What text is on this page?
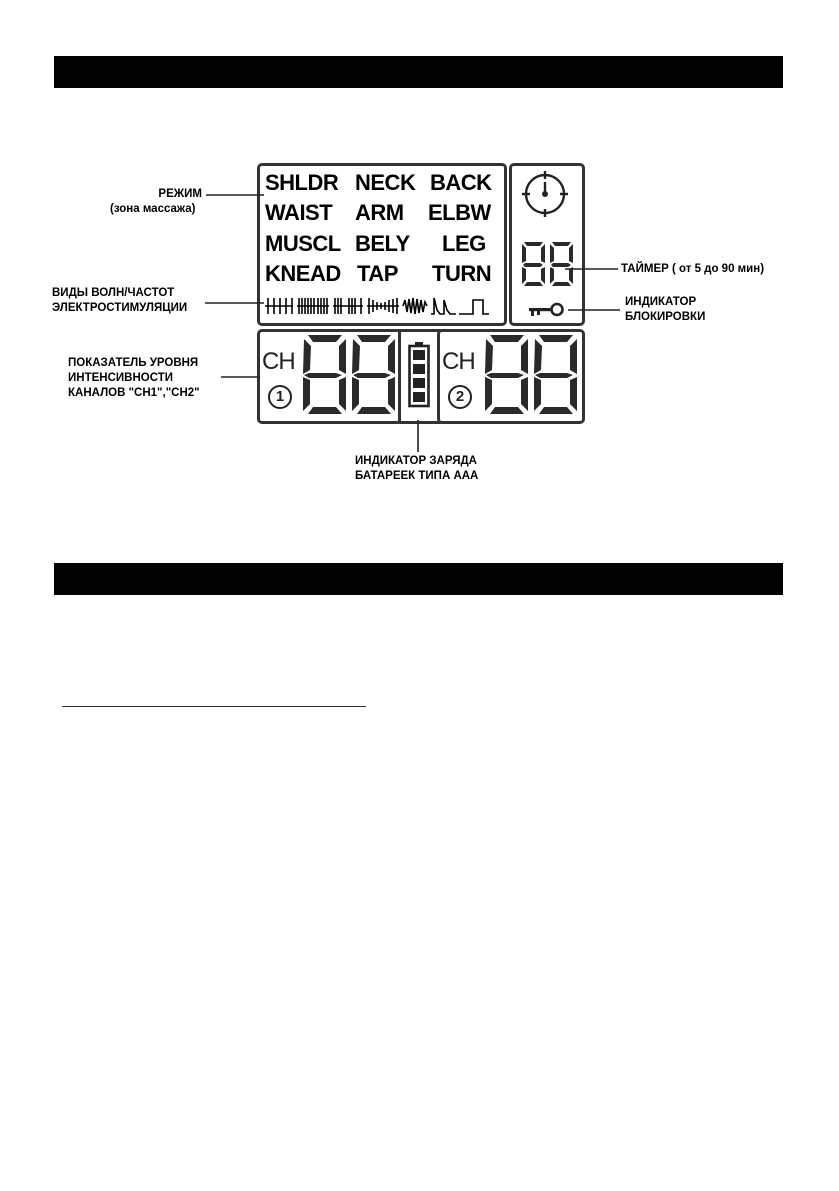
SHLDR NECK BACK
WAIST ARM ELBW
MUSCL BELY LEG
KNEAD TAP TURN
CH
1
CH
2
РЕЖИМ
(зона массажа)
ВИДЫ ВОЛН/ЧАСТОТ
ЭЛЕКТРОСТИМУЛЯЦИИ
ПОКАЗАТЕЛЬ УРОВНЯ
ИНТЕНСИВНОСТИ
КАНАЛОВ "CH1","CH2"
ТАЙМЕР ( от 5 до 90 мин)
ИНДИКАТОР
БЛОКИРОВКИ
ИНДИКАТОР ЗАРЯДА
БАТАРЕЕК ТИПА ААА
